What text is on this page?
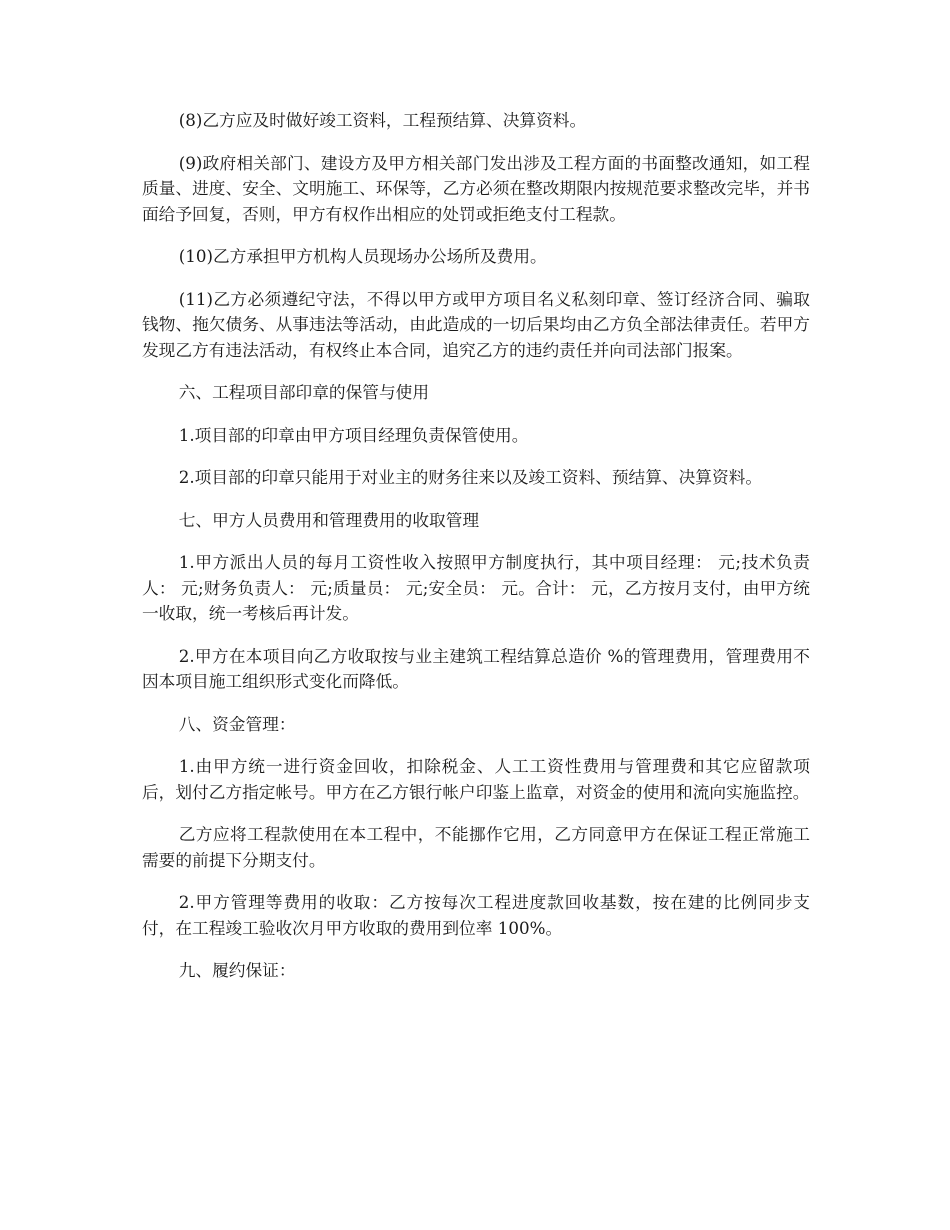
(8)乙方应及时做好竣工资料，工程预结算、决算资料。

(9)政府相关部门、建设方及甲方相关部门发出涉及工程方面的书面整改通知，如工程质量、进度、安全、文明施工、环保等，乙方必须在整改期限内按规范要求整改完毕，并书面给予回复，否则，甲方有权作出相应的处罚或拒绝支付工程款。

(10)乙方承担甲方机构人员现场办公场所及费用。

(11)乙方必须遵纪守法，不得以甲方或甲方项目名义私刻印章、签订经济合同、骗取钱物、拖欠债务、从事违法等活动，由此造成的一切后果均由乙方负全部法律责任。若甲方发现乙方有违法活动，有权终止本合同，追究乙方的违约责任并向司法部门报案。

六、工程项目部印章的保管与使用

1.项目部的印章由甲方项目经理负责保管使用。

2.项目部的印章只能用于对业主的财务往来以及竣工资料、预结算、决算资料。

七、甲方人员费用和管理费用的收取管理

1.甲方派出人员的每月工资性收入按照甲方制度执行，其中项目经理： 元;技术负责人： 元;财务负责人： 元;质量员： 元;安全员： 元。合计： 元，乙方按月支付，由甲方统一收取，统一考核后再计发。

2.甲方在本项目向乙方收取按与业主建筑工程结算总造价 %的管理费用，管理费用不因本项目施工组织形式变化而降低。

八、资金管理：

1.由甲方统一进行资金回收，扣除税金、人工工资性费用与管理费和其它应留款项后，划付乙方指定帐号。甲方在乙方银行帐户印鉴上监章，对资金的使用和流向实施监控。

乙方应将工程款使用在本工程中，不能挪作它用，乙方同意甲方在保证工程正常施工需要的前提下分期支付。

2.甲方管理等费用的收取：乙方按每次工程进度款回收基数，按在建的比例同步支付，在工程竣工验收次月甲方收取的费用到位率 100%。

九、履约保证：
